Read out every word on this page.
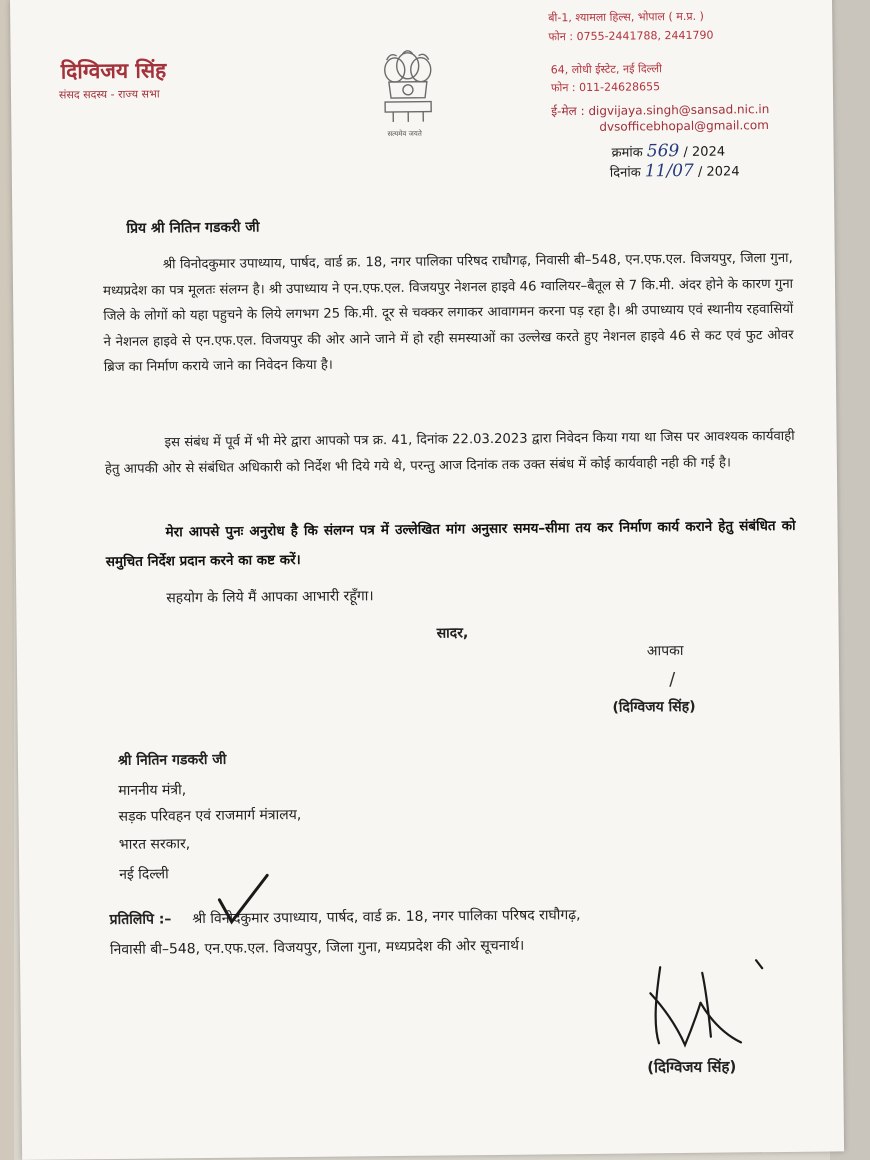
दिग्विजय सिंह
संसद सदस्य - राज्य सभा
सत्यमेव जयते
बी-1, श्यामला हिल्स, भोपाल ( म.प्र. )
फोन : 0755-2441788, 2441790
64, लोधी ईस्टेट, नई दिल्ली
फोन : 011-24628655
ई-मेल : digvijaya.singh@sansad.nic.in
dvsofficebhopal@gmail.com
क्रमांक 569 / 2024
दिनांक 11/07 / 2024
प्रिय श्री नितिन गडकरी जी
श्री विनोदकुमार उपाध्याय, पार्षद, वार्ड क्र. 18, नगर पालिका परिषद राघौगढ़, निवासी बी–548, एन.एफ.एल. विजयपुर, जिला गुना, मध्यप्रदेश का पत्र मूलतः संलग्न है। श्री उपाध्याय ने एन.एफ.एल. विजयपुर नेशनल हाइवे 46 ग्वालियर–बैतूल से 7 कि.मी. अंदर होने के कारण गुना जिले के लोगों को यहा पहुचने के लिये लगभग 25 कि.मी. दूर से चक्कर लगाकर आवागमन करना पड़ रहा है। श्री उपाध्याय एवं स्थानीय रहवासियों ने नेशनल हाइवे से एन.एफ.एल. विजयपुर की ओर आने जाने में हो रही समस्याओं का उल्लेख करते हुए नेशनल हाइवे 46 से कट एवं फुट ओवर ब्रिज का निर्माण कराये जाने का निवेदन किया है।
इस संबंध में पूर्व में भी मेरे द्वारा आपको पत्र क्र. 41, दिनांक 22.03.2023 द्वारा निवेदन किया गया था जिस पर आवश्यक कार्यवाही हेतु आपकी ओर से संबंधित अधिकारी को निर्देश भी दिये गये थे, परन्तु आज दिनांक तक उक्त संबंध में कोई कार्यवाही नही की गई है।
मेरा आपसे पुनः अनुरोध है कि संलग्न पत्र में उल्लेखित मांग अनुसार समय–सीमा तय कर निर्माण कार्य कराने हेतु संबंधित को समुचित निर्देश प्रदान करने का कष्ट करें।
सहयोग के लिये मैं आपका आभारी रहूँगा।
सादर,
आपका
/
(दिग्विजय सिंह)
श्री नितिन गडकरी जी
माननीय मंत्री,
सड़क परिवहन एवं राजमार्ग मंत्रालय,
भारत सरकार,
नई दिल्ली
प्रतिलिपि :– श्री विनोदकुमार उपाध्याय, पार्षद, वार्ड क्र. 18, नगर पालिका परिषद राघौगढ़,
निवासी बी–548, एन.एफ.एल. विजयपुर, जिला गुना, मध्यप्रदेश की ओर सूचनार्थ।
(दिग्विजय सिंह)
